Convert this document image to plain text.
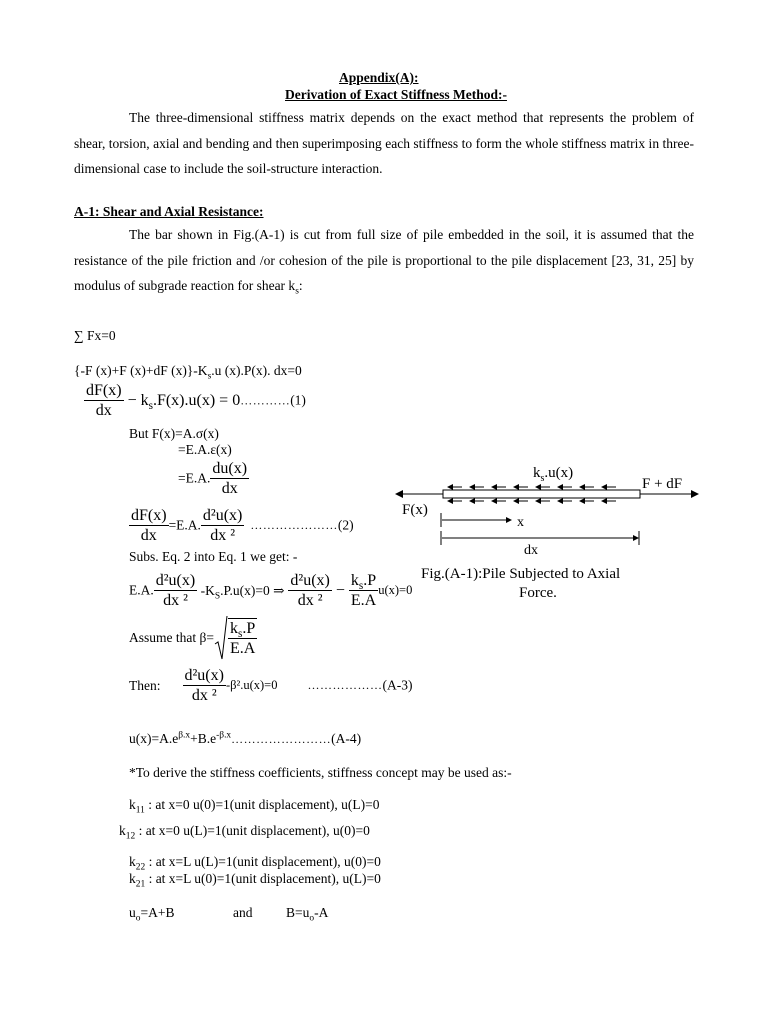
Appendix(A):
Derivation of Exact Stiffness Method:-

The three-dimensional stiffness matrix depends on the exact method that represents the problem of shear, torsion, axial and bending and then superimposing each stiffness to form the whole stiffness matrix in three-dimensional case to include the soil-structure interaction.

A-1: Shear and Axial Resistance:

The bar shown in Fig.(A-1) is cut from full size of pile embedded in the soil, it is assumed that the resistance of the pile friction and /or cohesion of the pile is proportional to the pile displacement [23, 31, 25] by modulus of subgrade reaction for shear $k_s$:

∑ Fx=0
{-F (x)+F (x)+dF $(x)\}-K_s.u$ (x).P(x). dx=0
$\frac{dF(x)}{dx} - k_s.F(x).u(x)$ = 0…………(1)
But F(x)=A.σ(x)
=E.A.ε(x)
=E.A. $\frac{du(x)}{dx}$
$\frac{dF(x)}{dx} =E.A$. $\frac{\text{d²u(x)}}{\text{dx ²}}$ …………………(2)
Subs. Eq. 2 into Eq. 1 we get: -
E.A. $\frac{\text{d²u(x)}}{\text{dx ²}} -K_S.P.u(x)=0$ ⇒ $\frac{\text{d²u(x)}}{\text{dx ²}} - \frac{k_s.P}{E.A} u(x)=0$
Assume that $\beta= \frac{k_s.P}{E.A}$
Then: $\frac{\text{d²u(x)}}{\text{dx ²}} -\beta^2.u(x)=0$	………………(A-3)
$u(x)=A.e^{\beta.x}+B.e^{-\beta.x}\dots\dots\dots\dots\dots\dots\dots\dots(A-4)$
*To derive the stiffness coefficients, stiffness concept may be used as:-
$k_{11}$ : at x=0 u(0)=1(unit displacement), u(L)=0
$k_{12}$ : at x=0 u(L)=1(unit displacement), u(0)=0
$k_{22}$ : at x=L u(L)=1(unit displacement), u(0)=0
$k_{21}$ : at x=L u(0)=1(unit displacement), u(L)=0
$u_o=A+B$	and $B=u_o-A$
$k_s.u(x)$
F + dF
F(x)
x
dx
Fig.(A-1):Pile Subjected to Axial
Force.
